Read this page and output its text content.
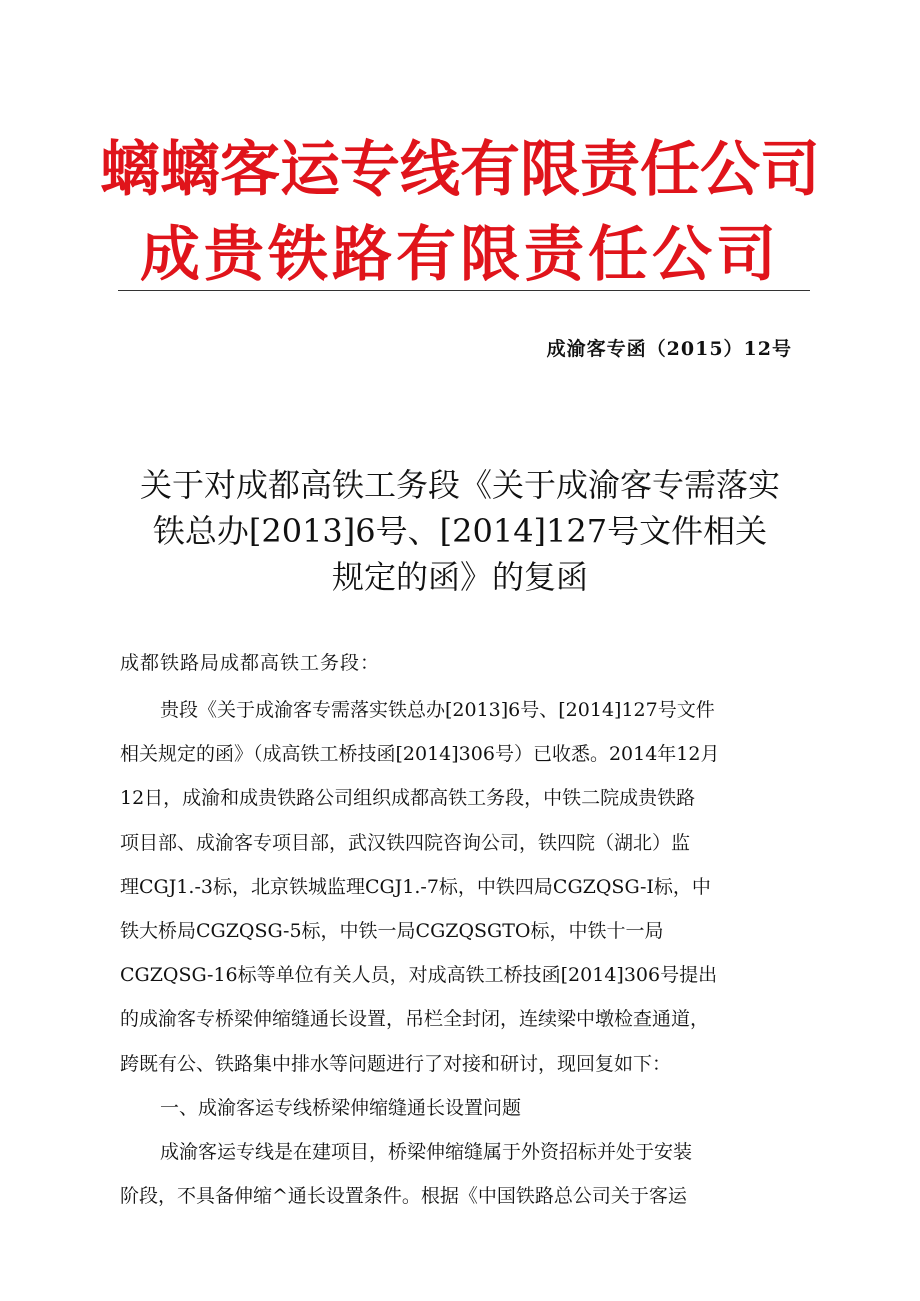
螭螭客运专线有限责任公司
成贵铁路有限责任公司
成渝客专函（2015）12号
关于对成都高铁工务段《关于成渝客专需落实
铁总办[2013]6号、[2014]127号文件相关
规定的函》的复函
成都铁路局成都高铁工务段：
贵段《关于成渝客专需落实铁总办[2013]6号、[2014]127号文件
相关规定的函》（成高铁工桥技函[2014]306号）已收悉。2014年12月
12日，成渝和成贵铁路公司组织成都高铁工务段，中铁二院成贵铁路
项目部、成渝客专项目部，武汉铁四院咨询公司，铁四院（湖北）监
理CGJ1.-3标，北京铁城监理CGJ1.-7标，中铁四局CGZQSG-I标，中
铁大桥局CGZQSG-5标，中铁一局CGZQSGTO标，中铁十一局
CGZQSG-16标等单位有关人员，对成高铁工桥技函[2014]306号提出
的成渝客专桥梁伸缩缝通长设置，吊栏全封闭，连续梁中墩检查通道，
跨既有公、铁路集中排水等问题进行了对接和研讨，现回复如下：
一、成渝客运专线桥梁伸缩缝通长设置问题
成渝客运专线是在建项目，桥梁伸缩缝属于外资招标并处于安装
阶段，不具备伸缩^通长设置条件。根据《中国铁路总公司关于客运
